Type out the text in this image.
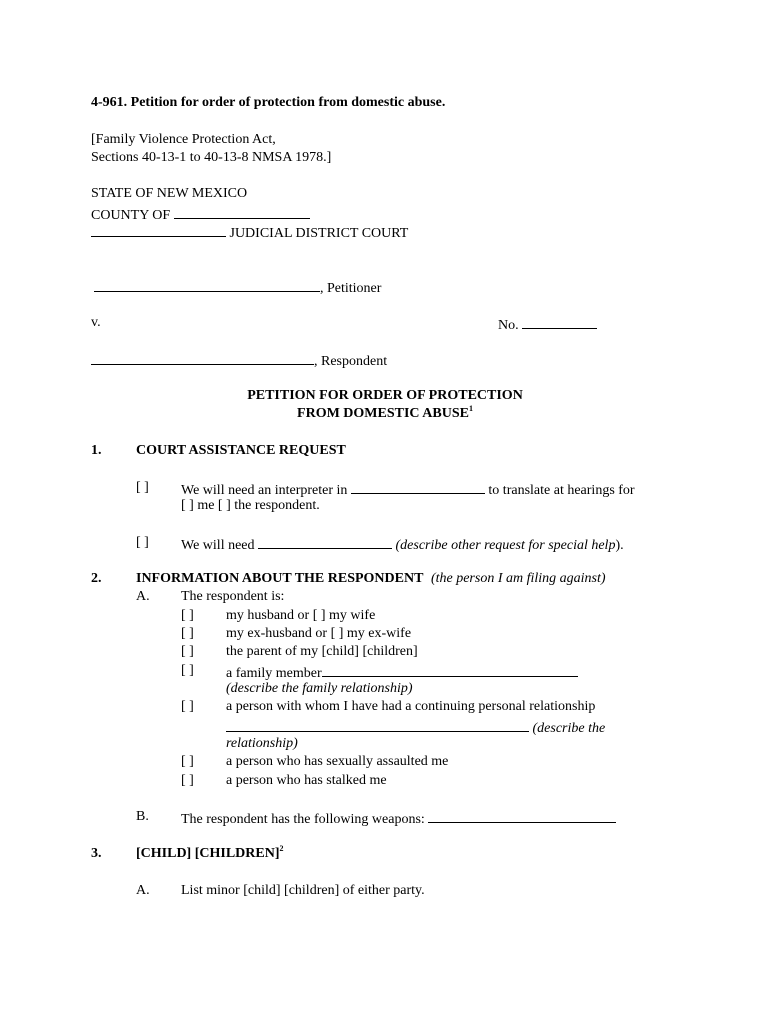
4-961. Petition for order of protection from domestic abuse.
[Family Violence Protection Act,
Sections 40-13-1 to 40-13-8 NMSA 1978.]
STATE OF NEW MEXICO
COUNTY OF
JUDICIAL DISTRICT COURT
, Petitioner
v.	No.
, Respondent
PETITION FOR ORDER OF PROTECTION
FROM DOMESTIC ABUSE$^1$
1. COURT ASSISTANCE REQUEST
[ ] We will need an interpreter in	to translate at hearings for
[ ] me [ ] the respondent.
[ ] We will need	(describe other request for special help).
2. INFORMATION ABOUT THE RESPONDENT (the person I am filing against)
A. The respondent is:
[ ] my husband or [ ] my wife
[ ] my ex-husband or [ ] my ex-wife
[ ] the parent of my [child] [children]
[ ] a family member
(describe the family relationship)
[ ] a person with whom I have had a continuing personal relationship
(describe the
relationship)
[ ] a person who has sexually assaulted me
[ ] a person who has stalked me
B. The respondent has the following weapons:
3. [CHILD] [CHILDREN]$^2$
A. List minor [child] [children] of either party.
